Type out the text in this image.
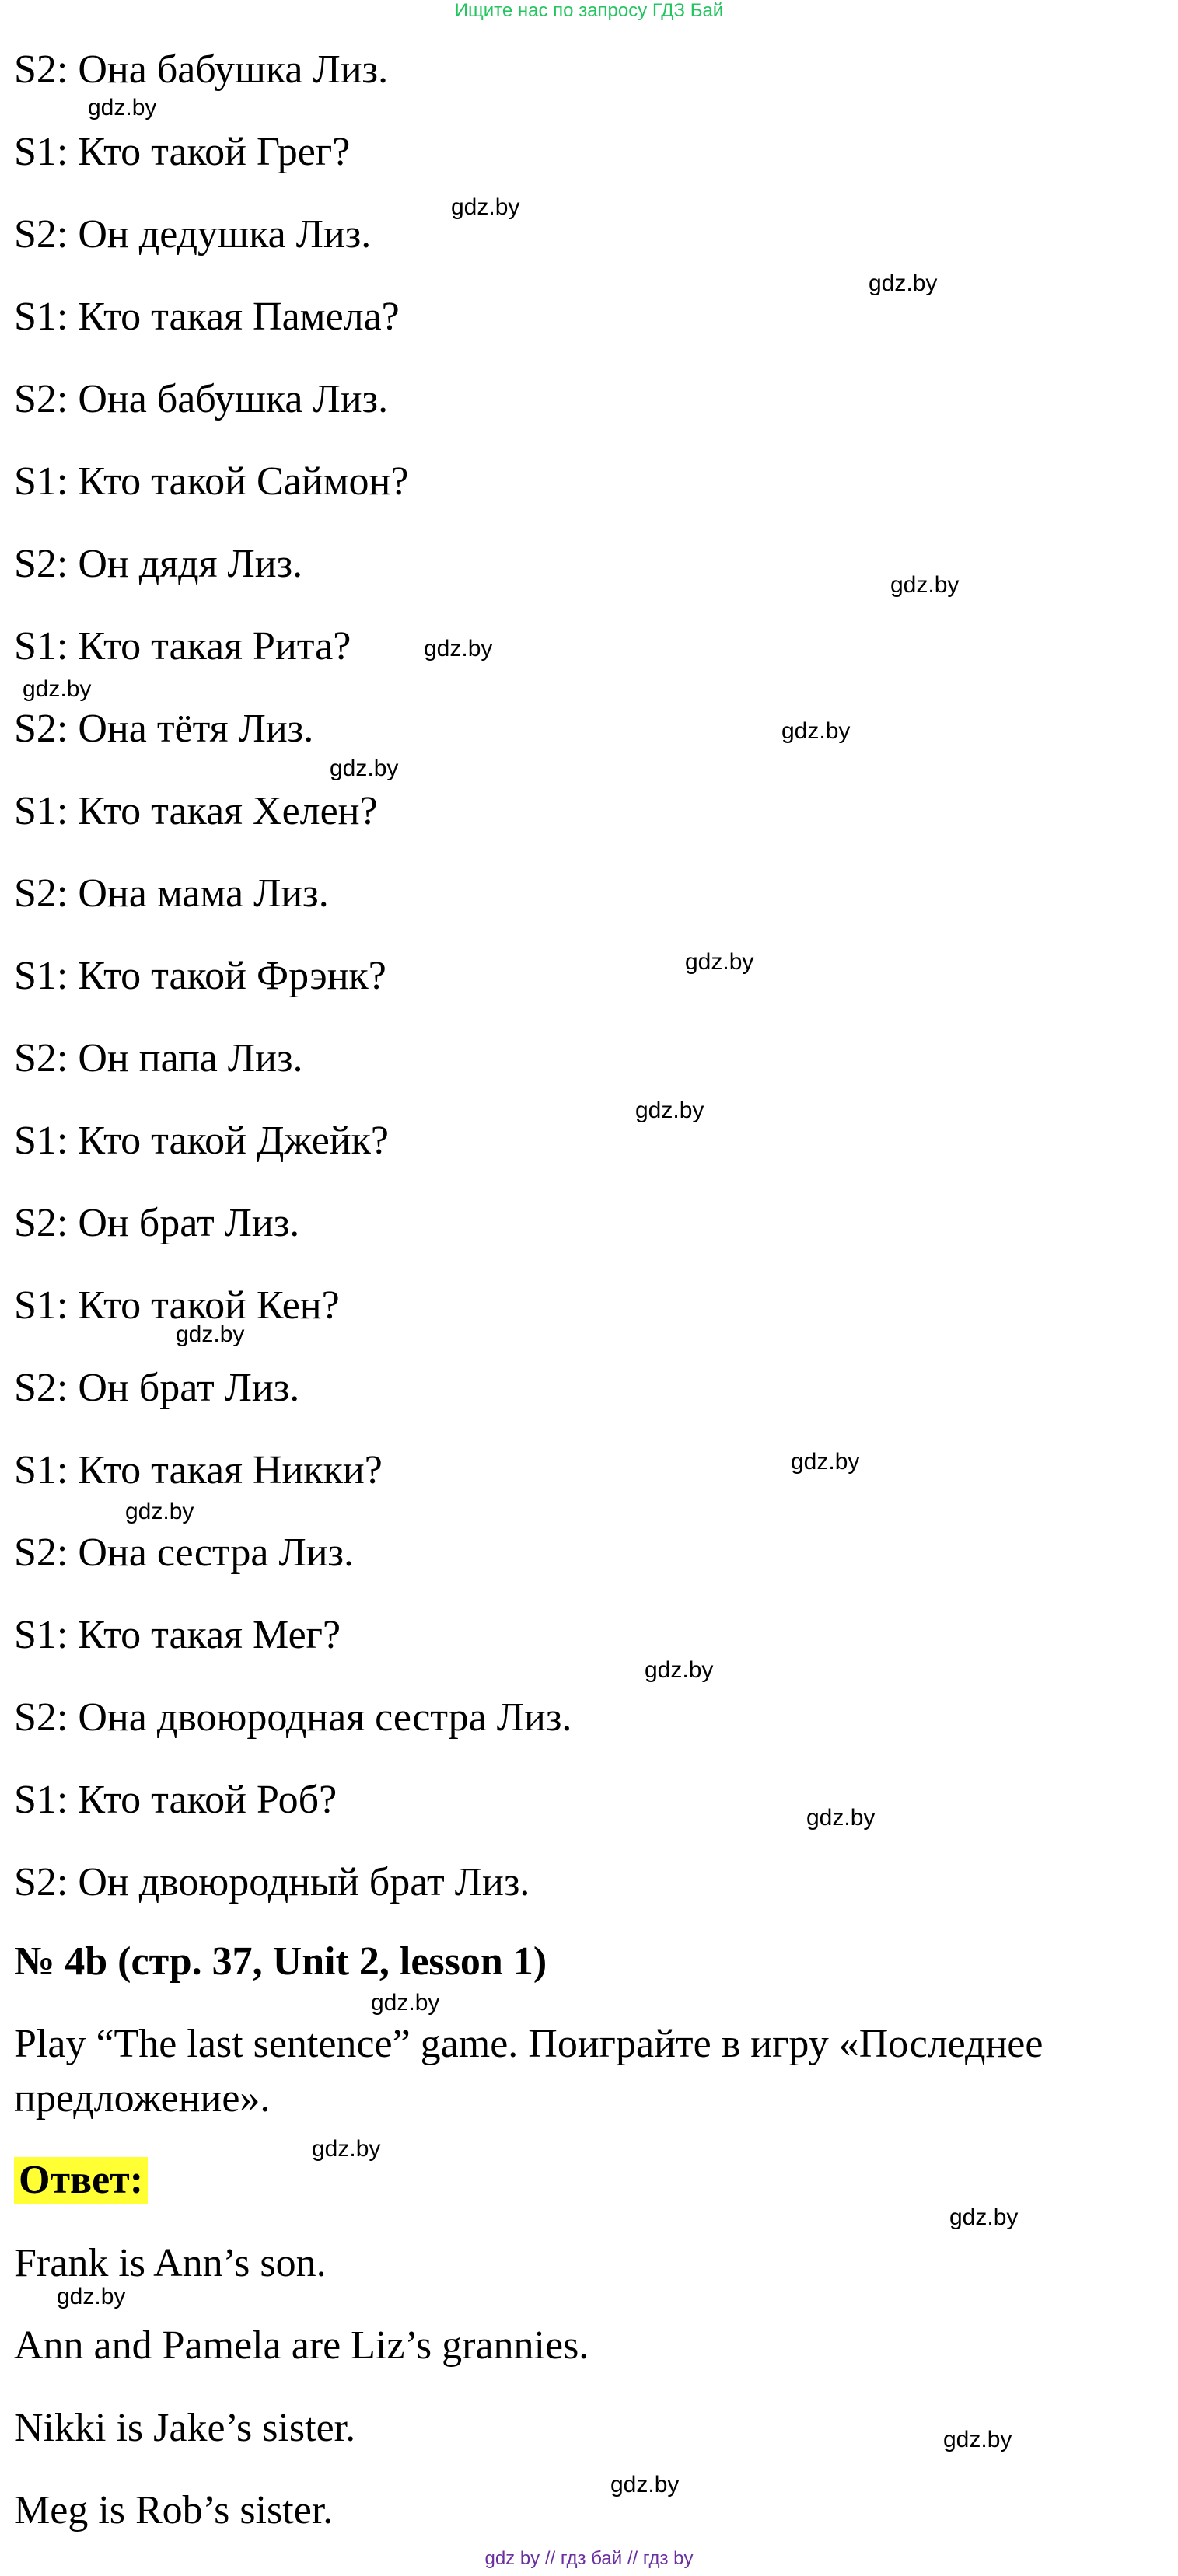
Ищите нас по запросу ГДЗ Бай
S2: Она бабушка Лиз.
S1: Кто такой Грег?
S2: Он дедушка Лиз.
S1: Кто такая Памела?
S2: Она бабушка Лиз.
S1: Кто такой Саймон?
S2: Он дядя Лиз.
S1: Кто такая Рита?
S2: Она тётя Лиз.
S1: Кто такая Хелен?
S2: Она мама Лиз.
S1: Кто такой Фрэнк?
S2: Он папа Лиз.
S1: Кто такой Джейк?
S2: Он брат Лиз.
S1: Кто такой Кен?
S2: Он брат Лиз.
S1: Кто такая Никки?
S2: Она сестра Лиз.
S1: Кто такая Мег?
S2: Она двоюродная сестра Лиз.
S1: Кто такой Роб?
S2: Он двоюродный брат Лиз.
№ 4b (стр. 37, Unit 2, lesson 1)
Play “The last sentence” game. Поиграйте в игру «Последнее
предложение».
Ответ:
Frank is Ann’s son.
Ann and Pamela are Liz’s grannies.
Nikki is Jake’s sister.
Meg is Rob’s sister.
gdz.by
gdz.by
gdz.by
gdz.by
gdz.by
gdz.by
gdz.by
gdz.by
gdz.by
gdz.by
gdz.by
gdz.by
gdz.by
gdz.by
gdz.by
gdz.by
gdz.by
gdz.by
gdz.by
gdz.by
gdz.by
gdz by // гдз бай // гдз by
